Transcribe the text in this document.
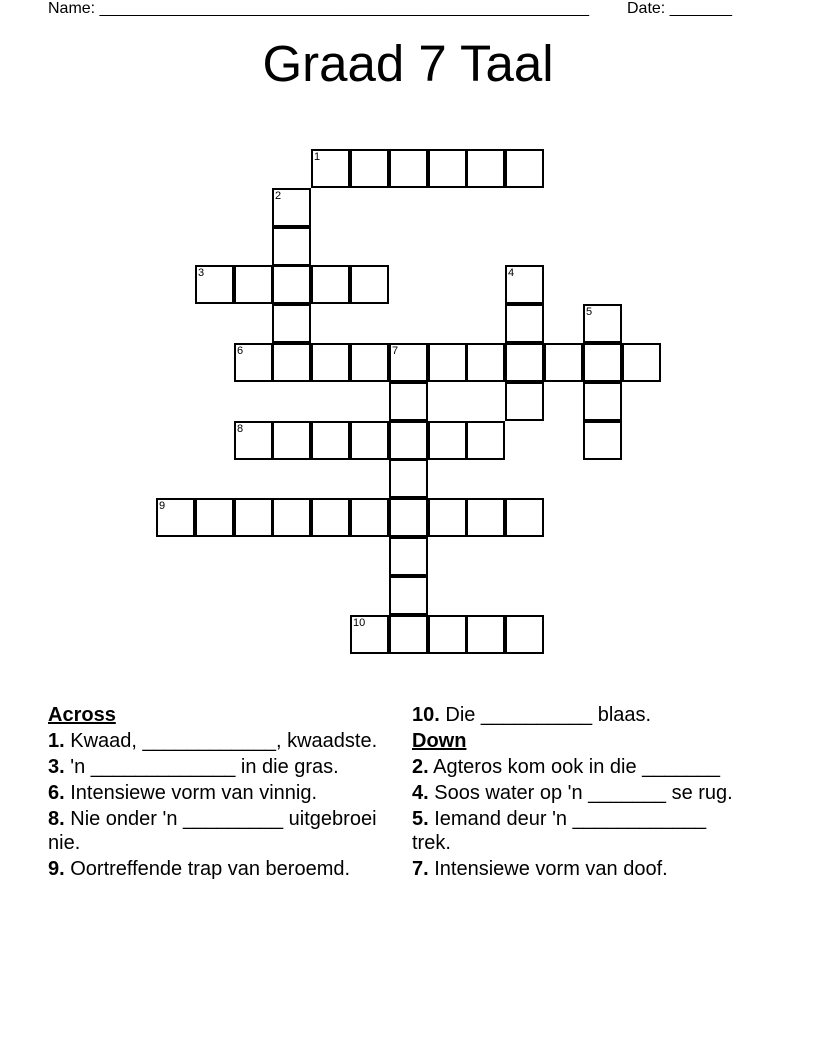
Name: _______________________________________________________ Date: _______
Graad 7 Taal
1
2
3	4
5
6	7
8
9
10
Across
1. Kwaad, ____________, kwaadste.
3. 'n _____________ in die gras.
6. Intensiewe vorm van vinnig.
8. Nie onder 'n _________ uitgebroei nie.
9. Oortreffende trap van beroemd.
10. Die __________ blaas.
Down
2. Agteros kom ook in die _______
4. Soos water op 'n _______ se rug.
5. Iemand deur 'n ____________ trek.
7. Intensiewe vorm van doof.
